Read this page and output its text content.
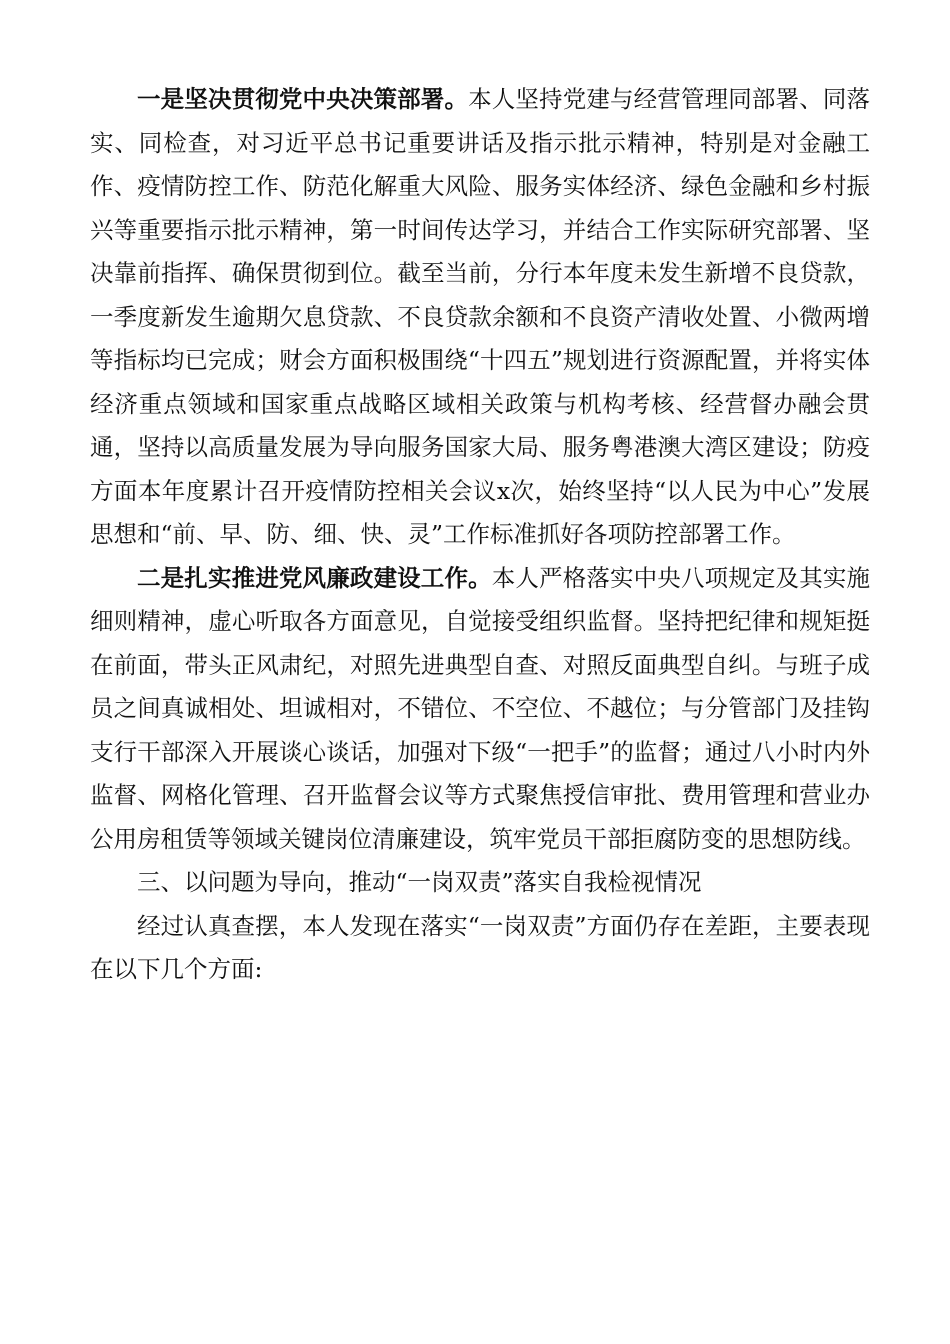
一是坚决贯彻党中央决策部署。本人坚持党建与经营管理同部署、同落实、同检查，对习近平总书记重要讲话及指示批示精神，特别是对金融工作、疫情防控工作、防范化解重大风险、服务实体经济、绿色金融和乡村振兴等重要指示批示精神，第一时间传达学习，并结合工作实际研究部署、坚决靠前指挥、确保贯彻到位。截至当前，分行本年度未发生新增不良贷款，一季度新发生逾期欠息贷款、不良贷款余额和不良资产清收处置、小微两增等指标均已完成；财会方面积极围绕“十四五”规划进行资源配置，并将实体经济重点领域和国家重点战略区域相关政策与机构考核、经营督办融会贯通，坚持以高质量发展为导向服务国家大局、服务粤港澳大湾区建设；防疫方面本年度累计召开疫情防控相关会议x次，始终坚持“以人民为中心”发展思想和“前、早、防、细、快、灵”工作标准抓好各项防控部署工作。

二是扎实推进党风廉政建设工作。本人严格落实中央八项规定及其实施细则精神，虚心听取各方面意见，自觉接受组织监督。坚持把纪律和规矩挺在前面，带头正风肃纪，对照先进典型自查、对照反面典型自纠。与班子成员之间真诚相处、坦诚相对，不错位、不空位、不越位；与分管部门及挂钩支行干部深入开展谈心谈话，加强对下级“一把手”的监督；通过八小时内外监督、网格化管理、召开监督会议等方式聚焦授信审批、费用管理和营业办公用房租赁等领域关键岗位清廉建设，筑牢党员干部拒腐防变的思想防线。

三、以问题为导向，推动“一岗双责”落实自我检视情况

经过认真查摆，本人发现在落实“一岗双责”方面仍存在差距，主要表现在以下几个方面:
